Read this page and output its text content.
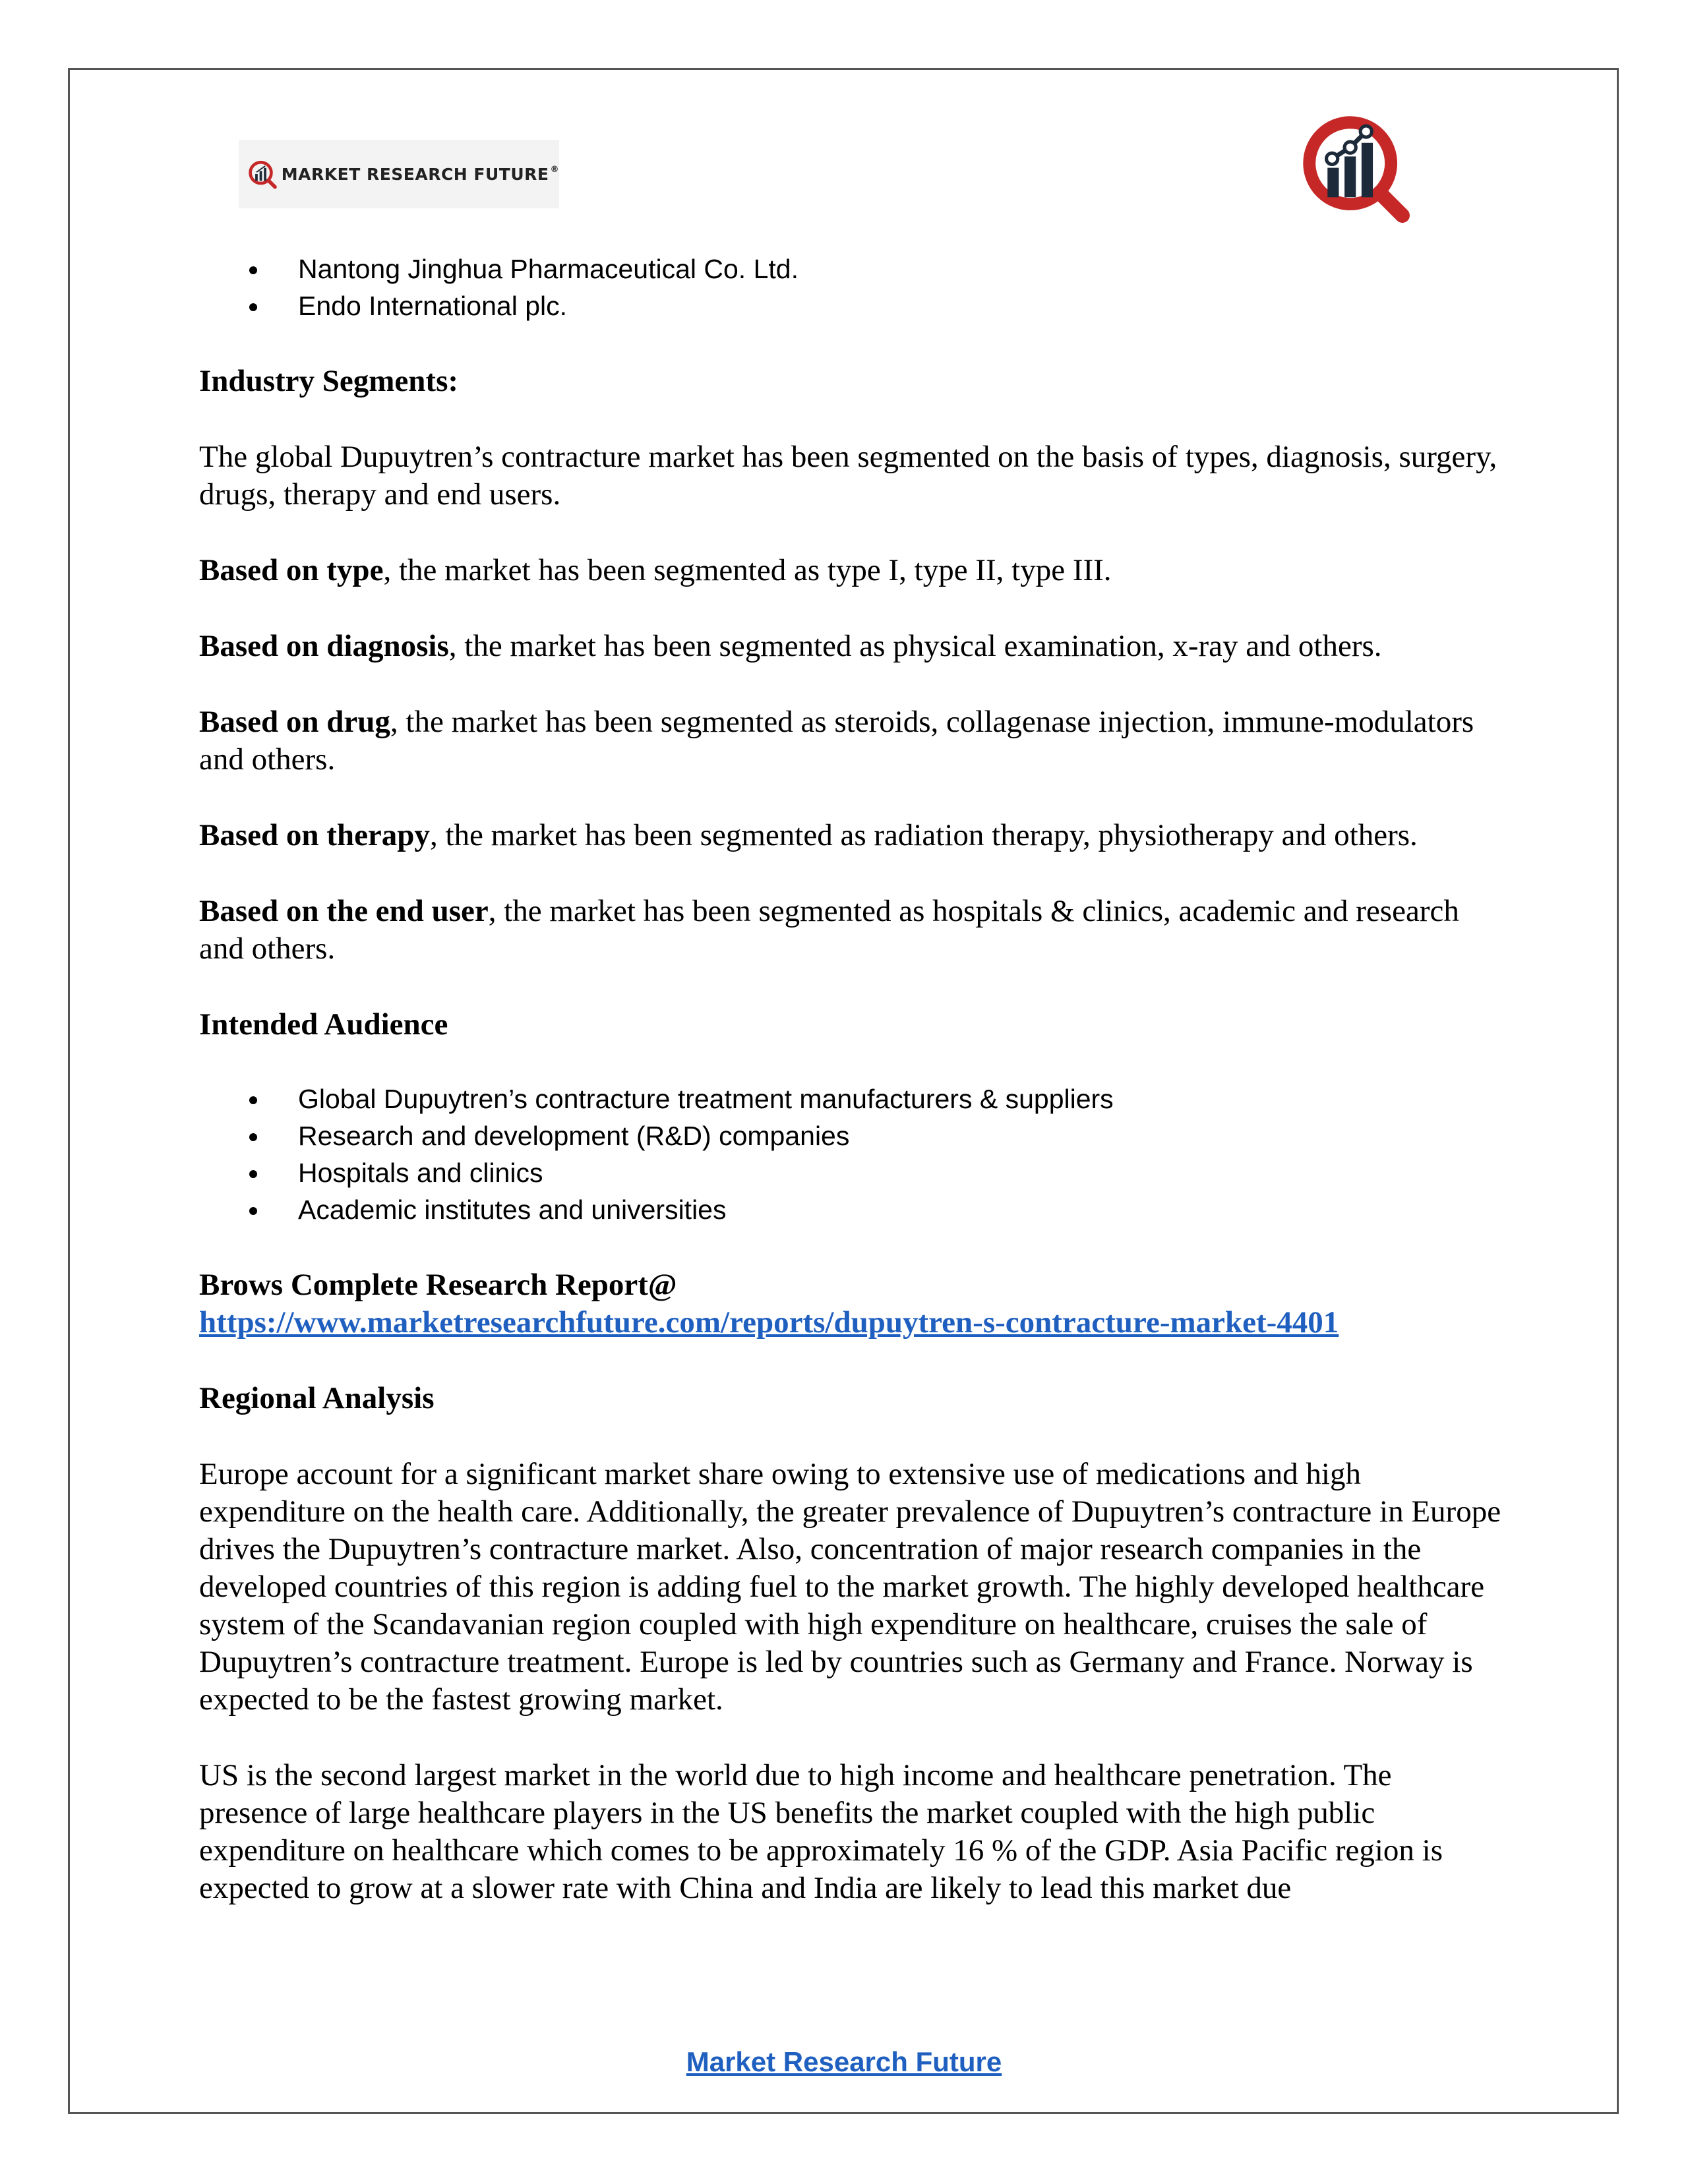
MARKET RESEARCH FUTURE ®
Nantong Jinghua Pharmaceutical Co. Ltd.
Endo International plc.

Industry Segments:

The global Dupuytren’s contracture market has been segmented on the basis of types, diagnosis, surgery, drugs, therapy and end users.

Based on type, the market has been segmented as type I, type II, type III.

Based on diagnosis, the market has been segmented as physical examination, x-ray and others.

Based on drug, the market has been segmented as steroids, collagenase injection, immune-modulators and others.

Based on therapy, the market has been segmented as radiation therapy, physiotherapy and others.

Based on the end user, the market has been segmented as hospitals & clinics, academic and research and others.

Intended Audience

Global Dupuytren’s contracture treatment manufacturers & suppliers
Research and development (R&D) companies
Hospitals and clinics
Academic institutes and universities

Brows Complete Research Report@

https://www.marketresearchfuture.com/reports/dupuytren-s-contracture-market-4401

Regional Analysis

Europe account for a significant market share owing to extensive use of medications and high expenditure on the health care. Additionally, the greater prevalence of Dupuytren’s contracture in Europe drives the Dupuytren’s contracture market. Also, concentration of major research companies in the developed countries of this region is adding fuel to the market growth. The highly developed healthcare system of the Scandavanian region coupled with high expenditure on healthcare, cruises the sale of Dupuytren’s contracture treatment. Europe is led by countries such as Germany and France. Norway is expected to be the fastest growing market.

US is the second largest market in the world due to high income and healthcare penetration. The presence of large healthcare players in the US benefits the market coupled with the high public expenditure on healthcare which comes to be approximately 16 % of the GDP. Asia Pacific region is expected to grow at a slower rate with China and India are likely to lead this market due

Market Research Future
